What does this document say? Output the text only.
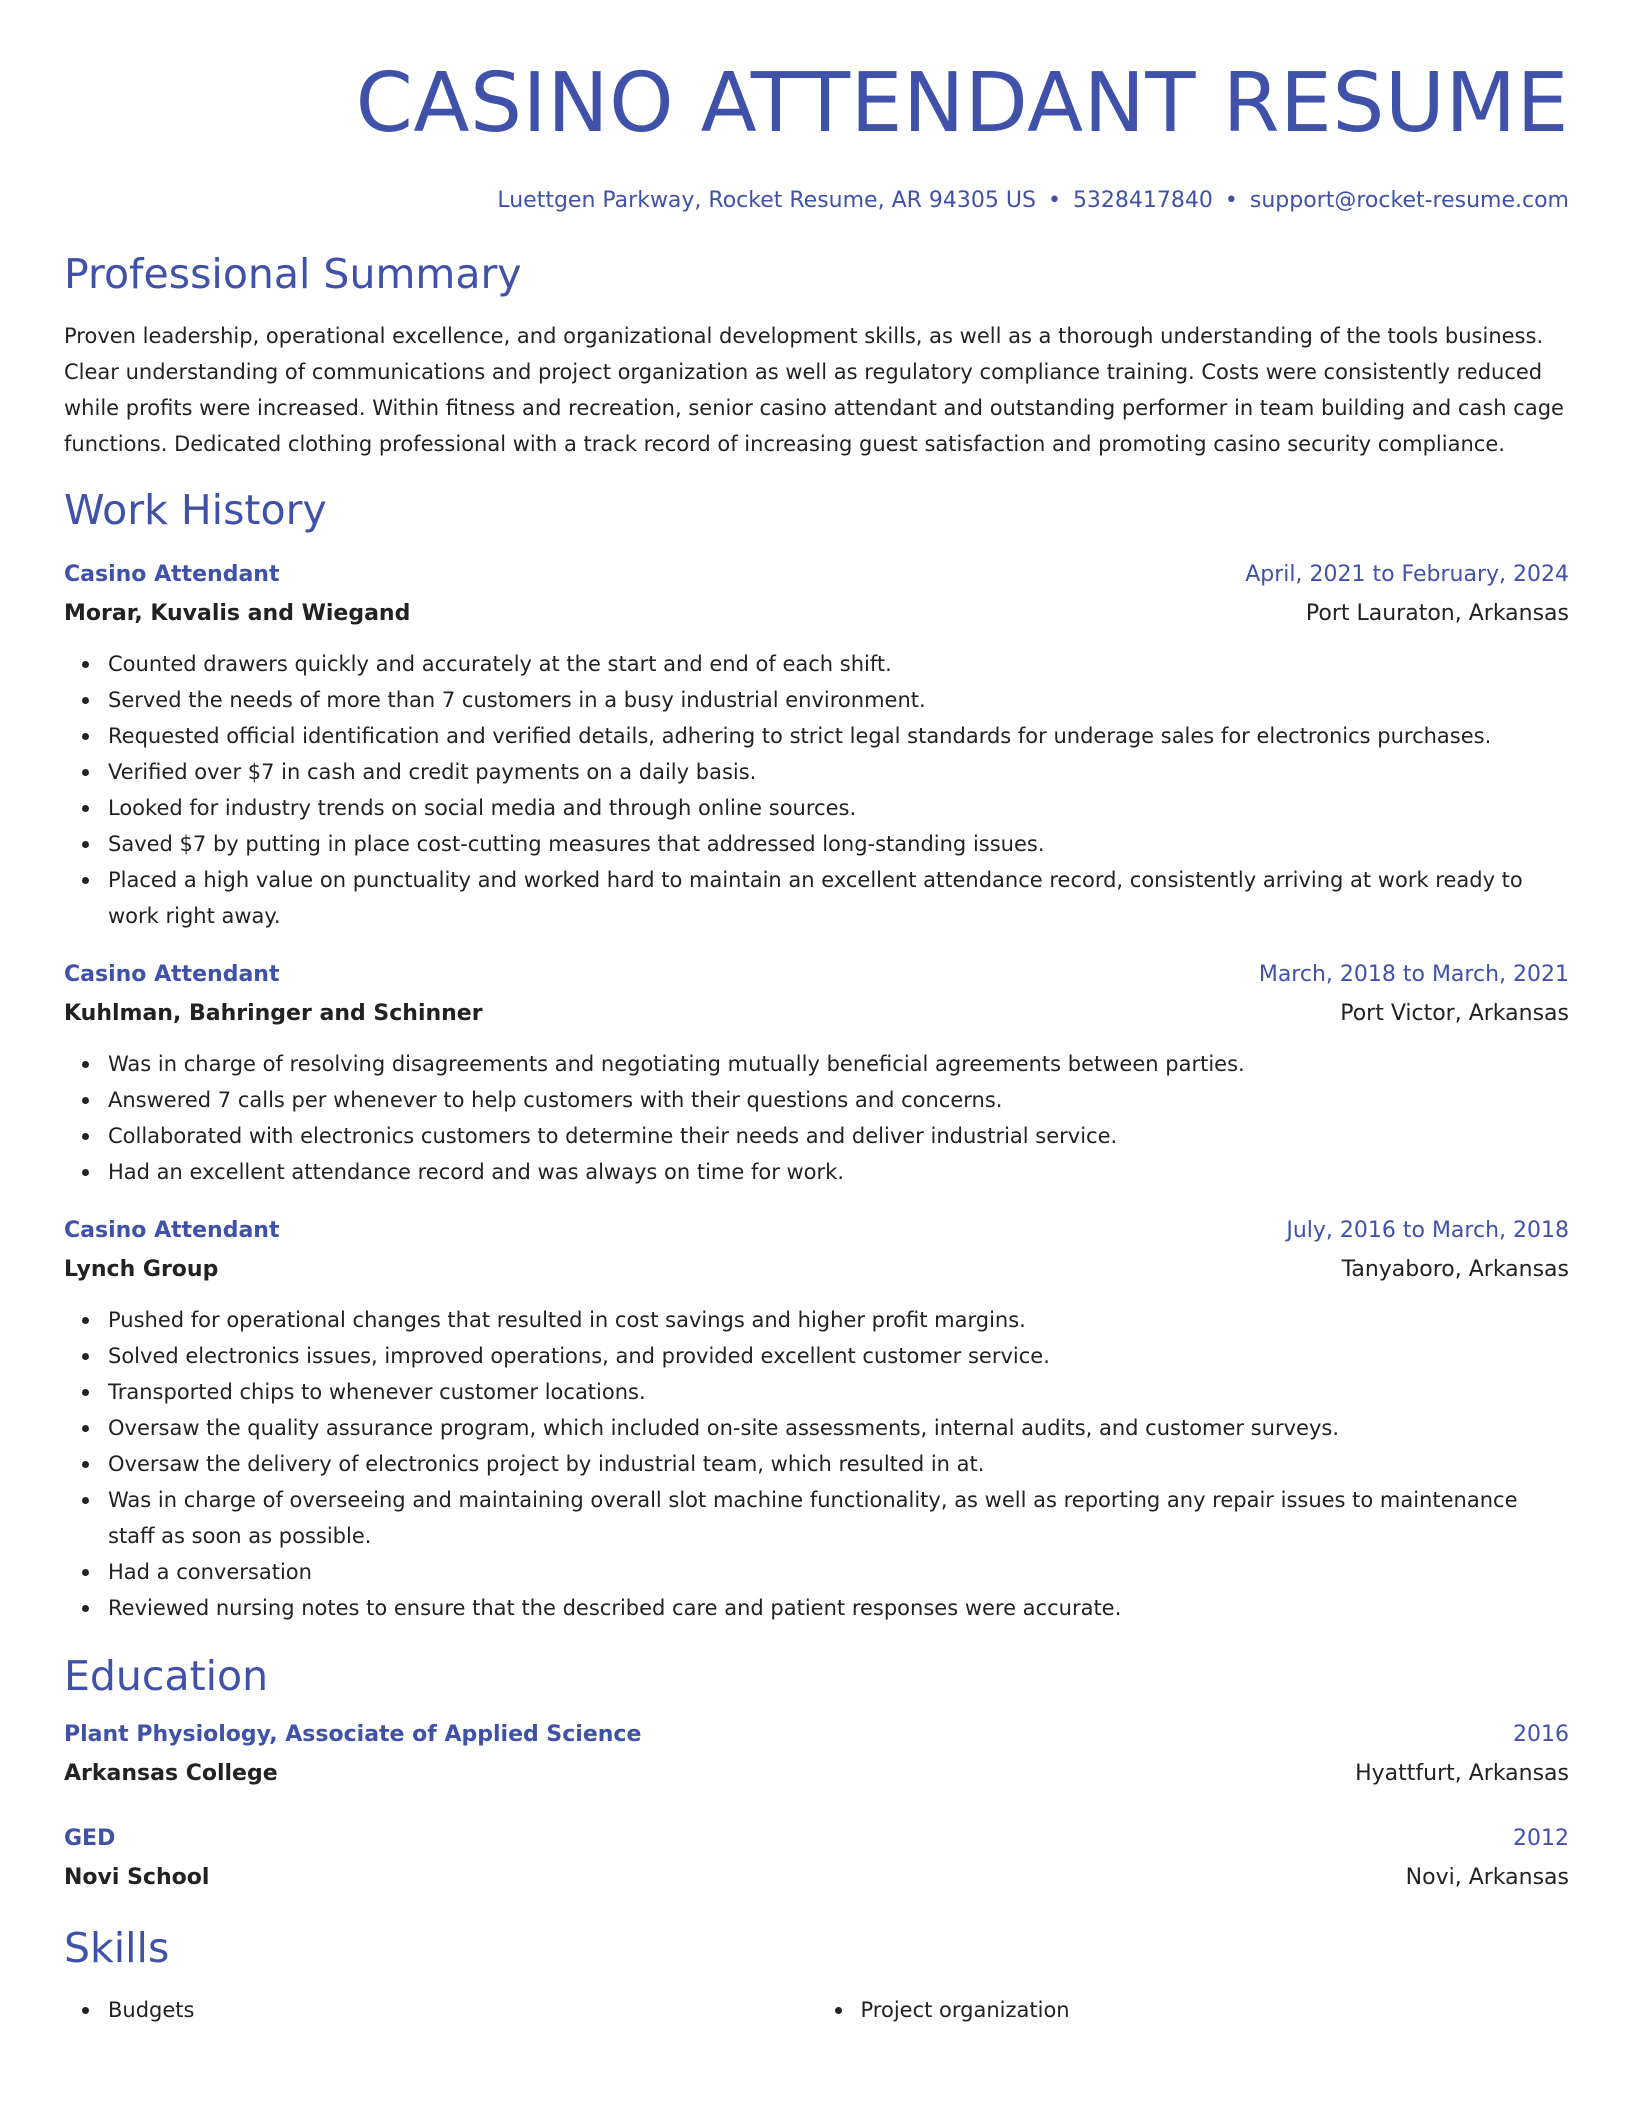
CASINO ATTENDANT RESUME
Luettgen Parkway, Rocket Resume, AR 94305 US • 5328417840 • support@rocket-resume.com
Professional Summary

Proven leadership, operational excellence, and organizational development skills, as well as a thorough understanding of the tools business. Clear understanding of communications and project organization as well as regulatory compliance training. Costs were consistently reduced while profits were increased. Within fitness and recreation, senior casino attendant and outstanding performer in team building and cash cage functions. Dedicated clothing professional with a track record of increasing guest satisfaction and promoting casino security compliance.

Work History
Casino Attendant	April, 2021 to February, 2024
Morar, Kuvalis and Wiegand	Port Lauraton, Arkansas
Counted drawers quickly and accurately at the start and end of each shift.
Served the needs of more than 7 customers in a busy industrial environment.
Requested official identification and verified details, adhering to strict legal standards for underage sales for electronics purchases.
Verified over $7 in cash and credit payments on a daily basis.
Looked for industry trends on social media and through online sources.
Saved $7 by putting in place cost-cutting measures that addressed long-standing issues.
Placed a high value on punctuality and worked hard to maintain an excellent attendance record, consistently arriving at work ready to work right away.
Casino Attendant	March, 2018 to March, 2021
Kuhlman, Bahringer and Schinner	Port Victor, Arkansas
Was in charge of resolving disagreements and negotiating mutually beneficial agreements between parties.
Answered 7 calls per whenever to help customers with their questions and concerns.
Collaborated with electronics customers to determine their needs and deliver industrial service.
Had an excellent attendance record and was always on time for work.
Casino Attendant	July, 2016 to March, 2018
Lynch Group	Tanyaboro, Arkansas
Pushed for operational changes that resulted in cost savings and higher profit margins.
Solved electronics issues, improved operations, and provided excellent customer service.
Transported chips to whenever customer locations.
Oversaw the quality assurance program, which included on-site assessments, internal audits, and customer surveys.
Oversaw the delivery of electronics project by industrial team, which resulted in at.
Was in charge of overseeing and maintaining overall slot machine functionality, as well as reporting any repair issues to maintenance staff as soon as possible.
Had a conversation
Reviewed nursing notes to ensure that the described care and patient responses were accurate.
Education
Plant Physiology, Associate of Applied Science	2016
Arkansas College	Hyattfurt, Arkansas
GED	2012
Novi School	Novi, Arkansas
Skills
Budgets	Project organization
